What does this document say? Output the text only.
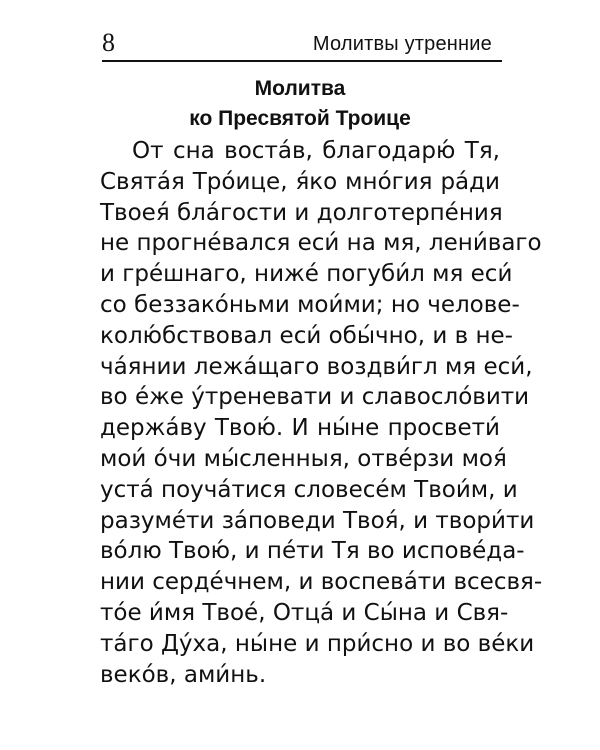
8	Молитвы утренние
Молитва
ко Пресвятой Троице
От сна воста́в, благодарю́ Тя,
Свята́я Тро́ице, я́ко мно́гия ра́ди
Твоея́ бла́гости и долготерпе́ния
не прогне́вался еси́ на мя, лени́ваго
и гре́шнаго, ниже́ погуби́л мя еси́
со беззако́ньми мои́ми; но челове-
колю́бствовал еси́ обы́чно, и в не-
ча́янии лежа́щаго воздви́гл мя еси́,
во е́же у́треневати и славосло́вити
держа́ву Твою́. И ны́не просвети́
мои́ о́чи мы́сленныя, отве́рзи моя́
уста́ поуча́тися словесе́м Твои́м, и
разуме́ти за́поведи Твоя́, и твори́ти
во́лю Твою́, и пе́ти Тя во испове́да-
нии серде́чнем, и воспева́ти всесвя-
то́е и́мя Твое́, Отца́ и Сы́на и Свя-
та́го Ду́ха, ны́не и при́сно и во ве́ки
веко́в, ами́нь.
